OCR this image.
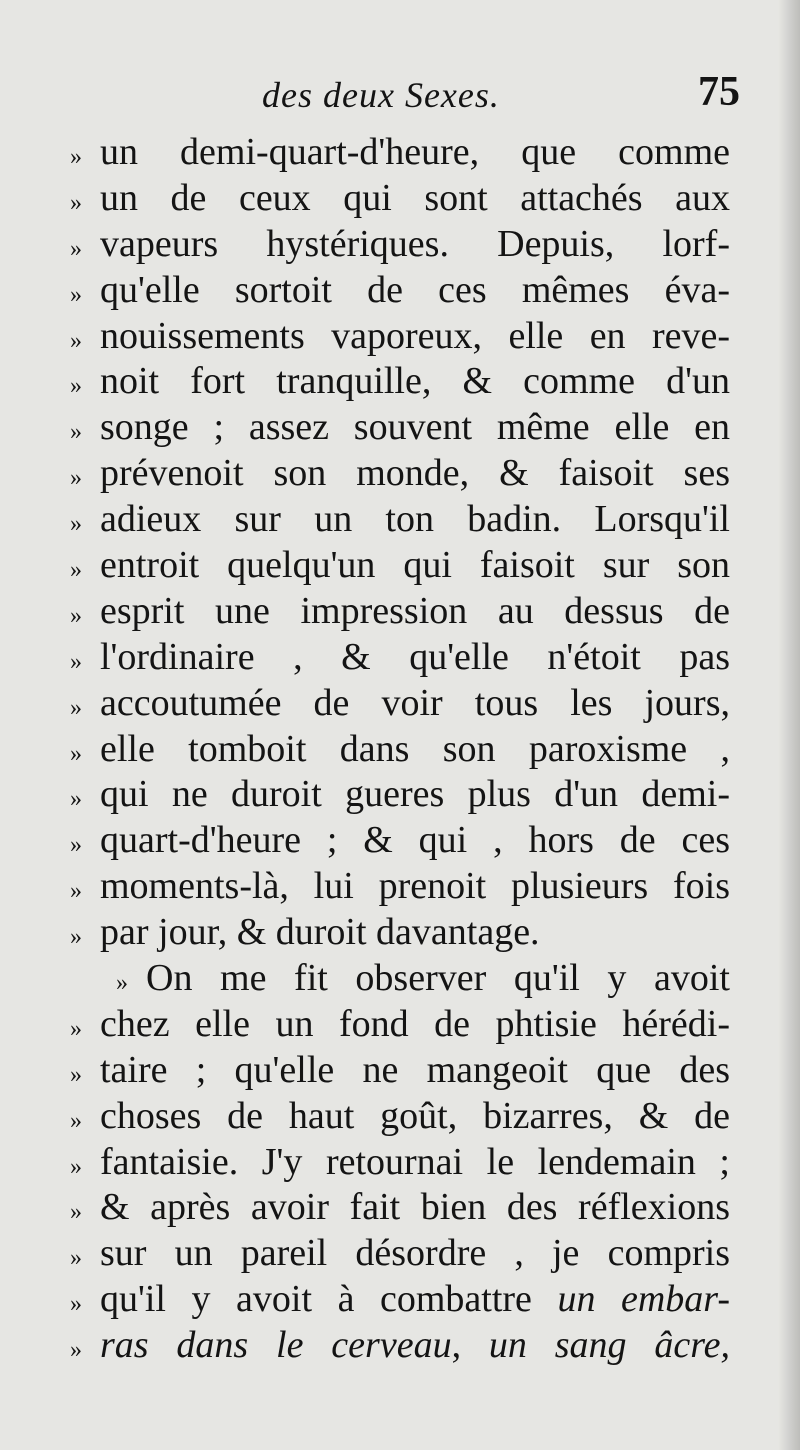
des deux Sexes.	75
» un demi-quart-d'heure, que comme
» un de ceux qui sont attachés aux
» vapeurs hystériques. Depuis, lorf-
» qu'elle sortoit de ces mêmes éva-
» nouissements vaporeux, elle en reve-
» noit fort tranquille, & comme d'un
» songe ; assez souvent même elle en
» prévenoit son monde, & faisoit ses
» adieux sur un ton badin. Lorsqu'il
» entroit quelqu'un qui faisoit sur son
» esprit une impression au dessus de
» l'ordinaire , & qu'elle n'étoit pas
» accoutumée de voir tous les jours,
» elle tomboit dans son paroxisme ,
» qui ne duroit gueres plus d'un demi-
» quart-d'heure ; & qui , hors de ces
» moments-là, lui prenoit plusieurs fois
» par jour, & duroit davantage.
» On me fit observer qu'il y avoit
» chez elle un fond de phtisie hérédi-
» taire ; qu'elle ne mangeoit que des
» choses de haut goût, bizarres, & de
» fantaisie. J'y retournai le lendemain ;
» & après avoir fait bien des réflexions
» sur un pareil désordre , je compris
» qu'il y avoit à combattre un embar-
» ras dans le cerveau, un sang âcre,
